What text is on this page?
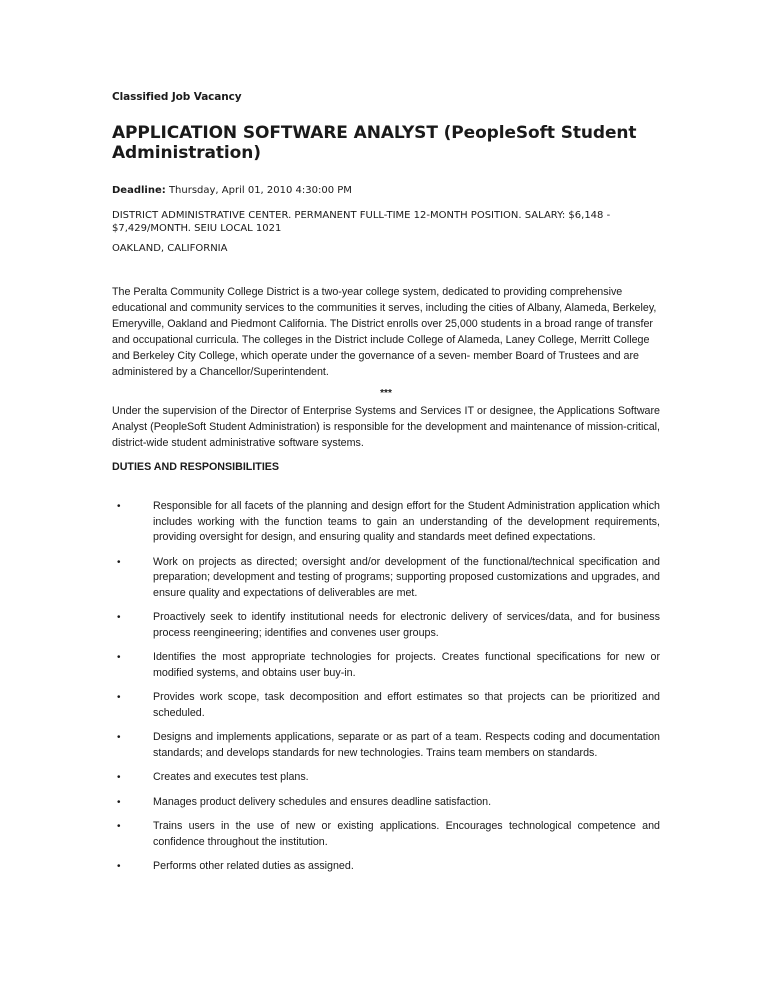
Classified Job Vacancy
APPLICATION SOFTWARE ANALYST (PeopleSoft Student Administration)
Deadline: Thursday, April 01, 2010 4:30:00 PM
DISTRICT ADMINISTRATIVE CENTER. PERMANENT FULL-TIME 12-MONTH POSITION. SALARY: $6,148 - $7,429/MONTH. SEIU LOCAL 1021
OAKLAND, CALIFORNIA

The Peralta Community College District is a two-year college system, dedicated to providing comprehensive educational and community services to the communities it serves, including the cities of Albany, Alameda, Berkeley, Emeryville, Oakland and Piedmont California. The District enrolls over 25,000 students in a broad range of transfer and occupational curricula. The colleges in the District include College of Alameda, Laney College, Merritt College and Berkeley City College, which operate under the governance of a seven- member Board of Trustees and are administered by a Chancellor/Superintendent.

***

Under the supervision of the Director of Enterprise Systems and Services IT or designee, the Applications Software Analyst (PeopleSoft Student Administration) is responsible for the development and maintenance of mission-critical, district-wide student administrative software systems.

DUTIES AND RESPONSIBILITIES
•	Responsible for all facets of the planning and design effort for the Student Administration application which includes working with the function teams to gain an understanding of the development requirements, providing oversight for design, and ensuring quality and standards meet defined expectations.
•	Work on projects as directed; oversight and/or development of the functional/technical specification and preparation; development and testing of programs; supporting proposed customizations and upgrades, and ensure quality and expectations of deliverables are met.
•	Proactively seek to identify institutional needs for electronic delivery of services/data, and for business process reengineering; identifies and convenes user groups.
•	Identifies the most appropriate technologies for projects. Creates functional specifications for new or modified systems, and obtains user buy-in.
•	Provides work scope, task decomposition and effort estimates so that projects can be prioritized and scheduled.
•	Designs and implements applications, separate or as part of a team. Respects coding and documentation standards; and develops standards for new technologies. Trains team members on standards.
•	Creates and executes test plans.
•	Manages product delivery schedules and ensures deadline satisfaction.
•	Trains users in the use of new or existing applications. Encourages technological competence and confidence throughout the institution.
•	Performs other related duties as assigned.
